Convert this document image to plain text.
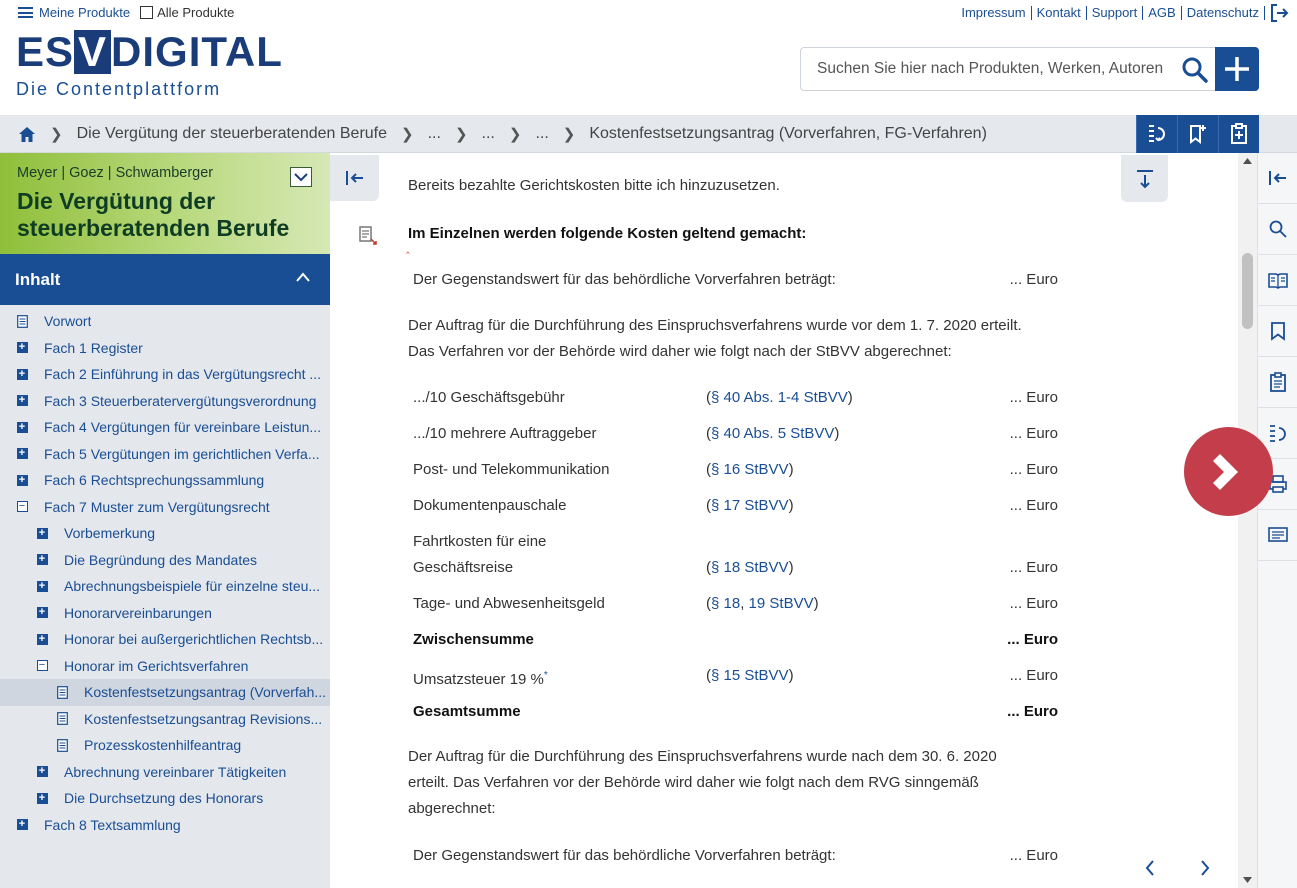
Meine Produkte Alle Produkte	Impressum Kontakt Support AGB Datenschutz
ESVDIGITAL
Die Contentplattform
Suchen Sie hier nach Produkten, Werken, Autoren
❯ Die Vergütung der steuerberatenden Berufe ❯ ... ❯ ... ❯ ... ❯ Kostenfestsetzungsantrag (Vorverfahren, FG-Verfahren)
Meyer | Goez | Schwamberger
Die Vergütung der
steuerberatenden Berufe
Inhalt
Vorwort
+ Fach 1 Register
+ Fach 2 Einführung in das Vergütungsrecht ...
+ Fach 3 Steuerberatervergütungsverordnung
+ Fach 4 Vergütungen für vereinbare Leistun...
+ Fach 5 Vergütungen im gerichtlichen Verfa...
+ Fach 6 Rechtsprechungssammlung
− Fach 7 Muster zum Vergütungsrecht
+ Vorbemerkung
+ Die Begründung des Mandates
+ Abrechnungsbeispiele für einzelne steu...
+ Honorarvereinbarungen
+ Honorar bei außergerichtlichen Rechtsb...
− Honorar im Gerichtsverfahren
Kostenfestsetzungsantrag (Vorverfah...
Kostenfestsetzungsantrag Revisions...
Prozesskostenhilfeantrag
+ Abrechnung vereinbarer Tätigkeiten
+ Die Durchsetzung des Honorars
+ Fach 8 Textsammlung
Bereits bezahlte Gerichtskosten bitte ich hinzuzusetzen.
Im Einzelnen werden folgende Kosten geltend gemacht:
‸
Der Gegenstandswert für das behördliche Vorverfahren beträgt:	... Euro
Der Auftrag für die Durchführung des Einspruchsverfahrens wurde vor dem 1. 7. 2020 erteilt.
Das Verfahren vor der Behörde wird daher wie folgt nach der StBVV abgerechnet:
.../10 Geschäftsgebühr	(§ 40 Abs. 1-4 StBVV)	... Euro
.../10 mehrere Auftraggeber	(§ 40 Abs. 5 StBVV)	... Euro
Post- und Telekommunikation	(§ 16 StBVV)	... Euro
Dokumentenpauschale	(§ 17 StBVV)	... Euro
Fahrtkosten für eine
Geschäftsreise	(§ 18 StBVV)	... Euro
Tage- und Abwesenheitsgeld	(§ 18, 19 StBVV)	... Euro
Zwischensumme	... Euro
Umsatzsteuer 19 %*	(§ 15 StBVV)	... Euro
Gesamtsumme	... Euro
Der Auftrag für die Durchführung des Einspruchsverfahrens wurde nach dem 30. 6. 2020
erteilt. Das Verfahren vor der Behörde wird daher wie folgt nach dem RVG sinngemäß
abgerechnet:
Der Gegenstandswert für das behördliche Vorverfahren beträgt:	... Euro
